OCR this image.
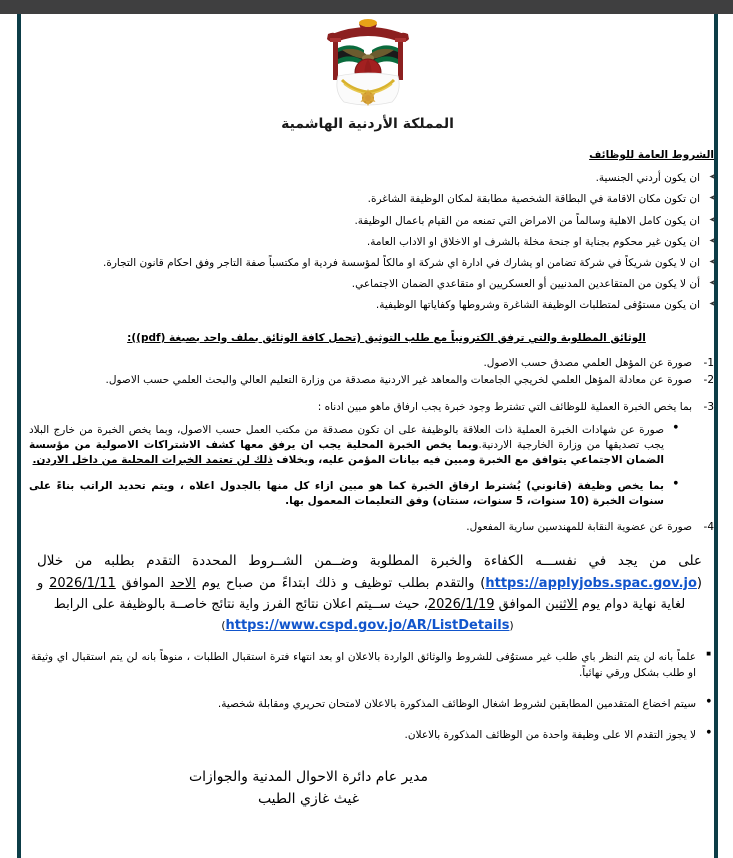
المملكة الأردنية الهاشمية

الشروط العامة للوظائف

➤ ان يكون أردني الجنسية.
➤ ان تكون مكان الاقامة في البطاقة الشخصية مطابقة لمكان الوظيفة الشاغرة.
➤ ان يكون كامل الاهلية وسالماً من الامراض التي تمنعه من القيام باعمال الوظيفة.
➤ ان يكون غير محكوم بجناية او جنحة مخلة بالشرف او الاخلاق او الاداب العامة.
➤ ان لا يكون شريكاً في شركة تضامن او يشارك في ادارة اي شركة او مالكاً لمؤسسة فردية او مكتسباً صفة التاجر وفق احكام قانون التجارة.
➤ أن لا يكون من المتقاعدين المدنيين أو العسكريين او متقاعدي الضمان الاجتماعي.
➤ ان يكون مستوُفى لمتطلبات الوظيفة الشاغرة وشروطها وكفاياتها الوظيفية.

الوثائق المطلوبة والتي ترفق الكترونياً مع طلب التوثيق (تحمل كافة الوثائق بملف واحد بصيغة (pdf)):

صورة عن المؤهل العلمي مصدق حسب الاصول.
صورة عن معادلة المؤهل العلمي لخريجي الجامعات والمعاهد غير الاردنية مصدقة من وزارة التعليم العالي والبحث العلمي حسب الاصول.
بما يخص الخبرة العملية للوظائف التي تشترط وجود خبرة يجب ارفاق ماهو مبين ادناه :
● صورة عن شهادات الخبرة العملية ذات العلاقة بالوظيفة على ان تكون مصدقة من مكتب العمل حسب الاصول، وبما يخص الخبرة من خارج البلاد يجب تصديقها من وزارة الخارجية الاردنية.وبما يخص الخبرة المحلية يجب ان يرفق معها كشف الاشتراكات الاصولية من مؤسسة الضمان الاجتماعي يتوافق مع الخبرة ومبين فيه بيانات المؤمن عليه، وبخلاف ذلك لن تعتمد الخبرات المحلية من داخل الاردن.
● بما يخص وظيفة (قانوني) يُشترط ارفاق الخبرة كما هو مبين ازاء كل منها بالجدول اعلاه ، ويتم تحديد الراتب بناءً على سنوات الخبرة (10 سنوات، 5 سنوات، سنتان) وفق التعليمات المعمول بها.
صورة عن عضوية النقابة للمهندسين سارية المفعول.

على من يجد في نفســـه الكفاءة والخبرة المطلوبة وضــمن الشــروط المحددة التقدم بطلبه من خلال (https://applyjobs.spac.gov.jo) والتقدم بطلب توظيف و ذلك ابتداءً من صباح يوم الاحد الموافق 2026/1/11 و لغاية نهاية دوام يوم الاثنين الموافق 2026/1/19، حيث ســيتم اعلان نتائج الفرز واية نتائج خاصــة بالوظيفة على الرابط

(https://www.cspd.gov.jo/AR/ListDetails)
■ علماً بانه لن يتم النظر باي طلب غير مستوُفى للشروط والوثائق الواردة بالاعلان او بعد انتهاء فترة استقبال الطلبات ، منوهاً بانه لن يتم استقبال اي وثيقة او طلب بشكل ورقي نهائياً.
● سيتم اخضاع المتقدمين المطابقين لشروط اشغال الوظائف المذكورة بالاعلان لامتحان تحريري ومقابلة شخصية.
● لا يجوز التقدم الا على وظيفة واحدة من الوظائف المذكورة بالاعلان.
مدير عام دائرة الاحوال المدنية والجوازات
غيث غازي الطيب
